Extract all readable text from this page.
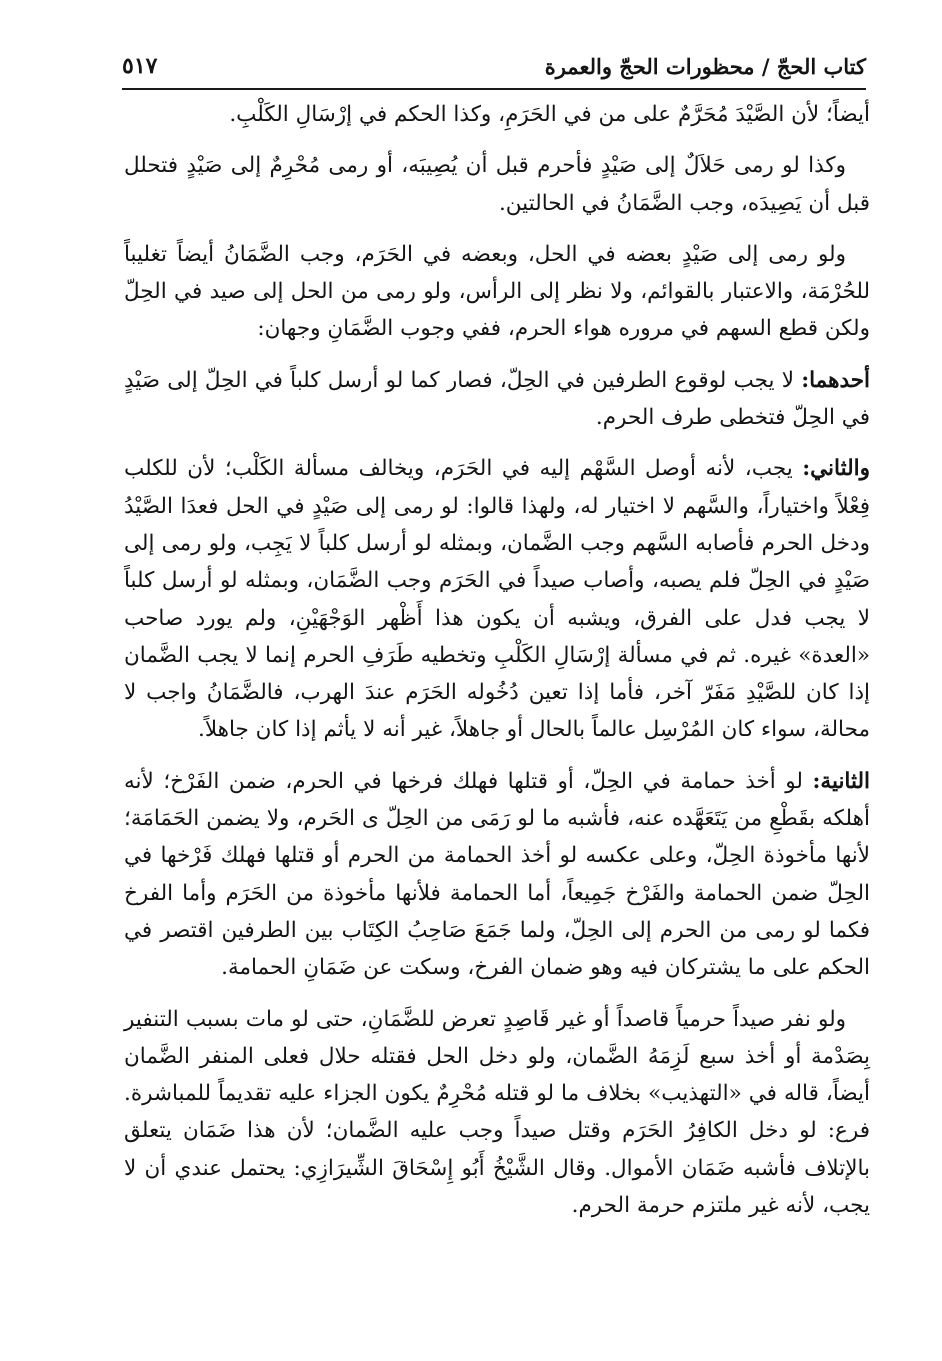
كتاب الحجّ / محظورات الحجّ والعمرة
٥١٧

أيضاً؛ لأن الصَّيْدَ مُحَرَّمٌ على من في الحَرَمِ، وكذا الحكم في إرْسَالِ الكَلْبِ.

وكذا لو رمى حَلاَلٌ إلى صَيْدٍ فأحرم قبل أن يُصِيبَه، أو رمى مُحْرِمٌ إلى صَيْدٍ فتحلل قبل أن يَصِيدَه، وجب الضَّمَانُ في الحالتين.

ولو رمى إلى صَيْدٍ بعضه في الحل، وبعضه في الحَرَم، وجب الضَّمَانُ أيضاً تغليباً للحُرْمَة، والاعتبار بالقوائم، ولا نظر إلى الرأس، ولو رمى من الحل إلى صيد في الحِلّ ولكن قطع السهم في مروره هواء الحرم، ففي وجوب الضَّمَانِ وجهان:

أحدهما: لا يجب لوقوع الطرفين في الحِلّ، فصار كما لو أرسل كلباً في الحِلّ إلى صَيْدٍ في الحِلّ فتخطى طرف الحرم.

والثاني: يجب، لأنه أوصل السَّهْم إليه في الحَرَم، ويخالف مسألة الكَلْب؛ لأن للكلب فِعْلاً واختياراً، والسَّهم لا اختيار له، ولهذا قالوا: لو رمى إلى صَيْدٍ في الحل فعدَا الصَّيْدُ ودخل الحرم فأصابه السَّهم وجب الضَّمان، وبمثله لو أرسل كلباً لا يَجِب، ولو رمى إلى صَيْدٍ في الحِلّ فلم يصبه، وأصاب صيداً في الحَرَم وجب الضَّمَان، وبمثله لو أرسل كلباً لا يجب فدل على الفرق، ويشبه أن يكون هذا أَظْهر الوَجْهَيْنِ، ولم يورد صاحب «العدة» غيره. ثم في مسألة إرْسَالِ الكَلْبِ وتخطيه طَرَفِ الحرم إنما لا يجب الضَّمان إذا كان للصَّيْدِ مَفَرّ آخر، فأما إذا تعين دُخُوله الحَرَم عندَ الهرب، فالضَّمَانُ واجب لا محالة، سواء كان المُرْسِل عالماً بالحال أو جاهلاً، غير أنه لا يأثم إذا كان جاهلاً.

الثانية: لو أخذ حمامة في الحِلّ، أو قتلها فهلك فرخها في الحرم، ضمن الفَرْخ؛ لأنه أهلكه بقَطْعِ من يَتَعَهَّده عنه، فأشبه ما لو رَمَى من الحِلّ ى الحَرم، ولا يضمن الحَمَامَة؛ لأنها مأخوذة الحِلّ، وعلى عكسه لو أخذ الحمامة من الحرم أو قتلها فهلك فَرْخها في الحِلّ ضمن الحمامة والفَرْخ جَمِيعاً، أما الحمامة فلأنها مأخوذة من الحَرَم وأما الفرخ فكما لو رمى من الحرم إلى الحِلّ، ولما جَمَعَ صَاحِبُ الكِتَاب بين الطرفين اقتصر في الحكم على ما يشتركان فيه وهو ضمان الفرخ، وسكت عن ضَمَانِ الحمامة.

ولو نفر صيداً حرمياً قاصداً أو غير قَاصِدٍ تعرض للضَّمَانِ، حتى لو مات بسبب التنفير بِصَدْمة أو أخذ سبع لَزِمَهُ الضَّمان، ولو دخل الحل فقتله حلال فعلى المنفر الضَّمان أيضاً، قاله في «التهذيب» بخلاف ما لو قتله مُحْرِمٌ يكون الجزاء عليه تقديماً للمباشرة. فرع: لو دخل الكافِرُ الحَرَم وقتل صيداً وجب عليه الضَّمان؛ لأن هذا ضَمَان يتعلق بالإتلاف فأشبه ضَمَان الأموال. وقال الشَّيْخُ أَبُو إِسْحَاقَ الشِّيرَازِي: يحتمل عندي أن لا يجب، لأنه غير ملتزم حرمة الحرم.
